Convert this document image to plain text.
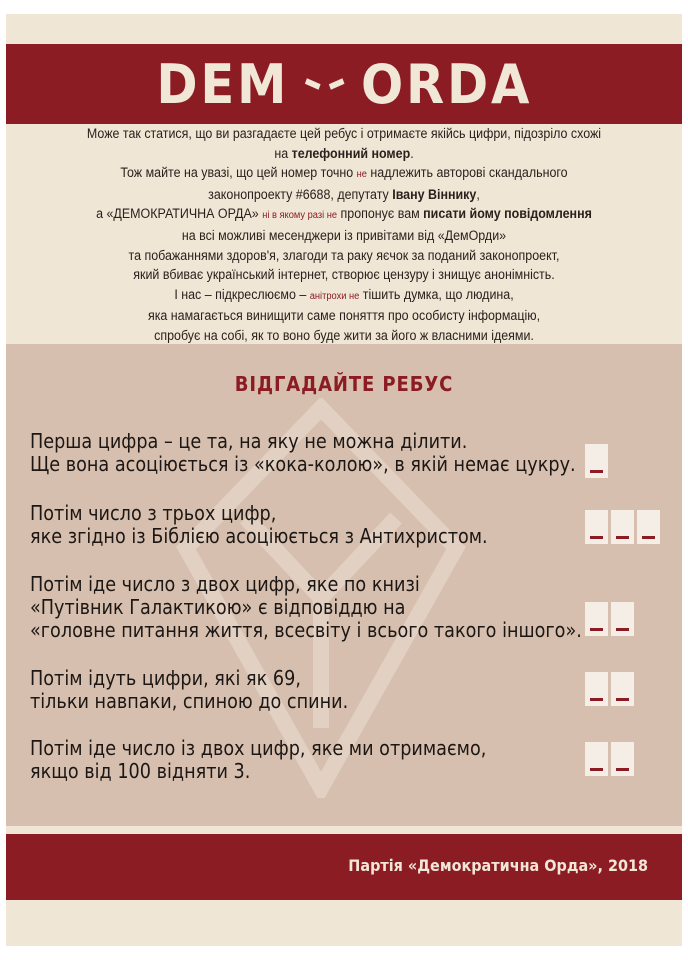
DEM ORDA

Може так статися, що ви разгадаєте цей ребус і отримаєте якійсь цифри, підозріло схожі

на телефонний номер.

Тож майте на увазі, що цей номер точно не надлежить авторові скандального

законопроекту #6688, депутату Івану Віннику,

а «ДЕМОКРАТИЧНА ОРДА» ні в якому разі не пропонує вам писати йому повідомлення

на всі можливі месенджери із привітами від «ДемОрди»

та побажаннями здоров'я, злагоди та раку яєчок за поданий законопроект,

який вбиває український інтернет, створює цензуру і знищує анонімність.

І нас – підкреслюємо – анітрохи не тішить думка, що людина,

яка намагається винищити саме поняття про особисту інформацію,

спробує на собі, як то воно буде жити за його ж власними ідеями.

ВІДГАДАЙТЕ РЕБУС

Перша цифра – це та, на яку не можна ділити.

Ще вона асоціюється із «кока-колою», в якій немає цукру.

Потім число з трьох цифр,

яке згідно із Біблією асоціюється з Антихристом.

Потім іде число з двох цифр, яке по книзі

«Путівник Галактикою» є відповіддю на

«головне питання життя, всесвіту і всього такого іншого».

Потім ідуть цифри, які як 69,

тільки навпаки, спиною до спини.

Потім іде число із двох цифр, яке ми отримаємо,

якщо від 100 відняти 3.

Партія «Демократична Орда», 2018
